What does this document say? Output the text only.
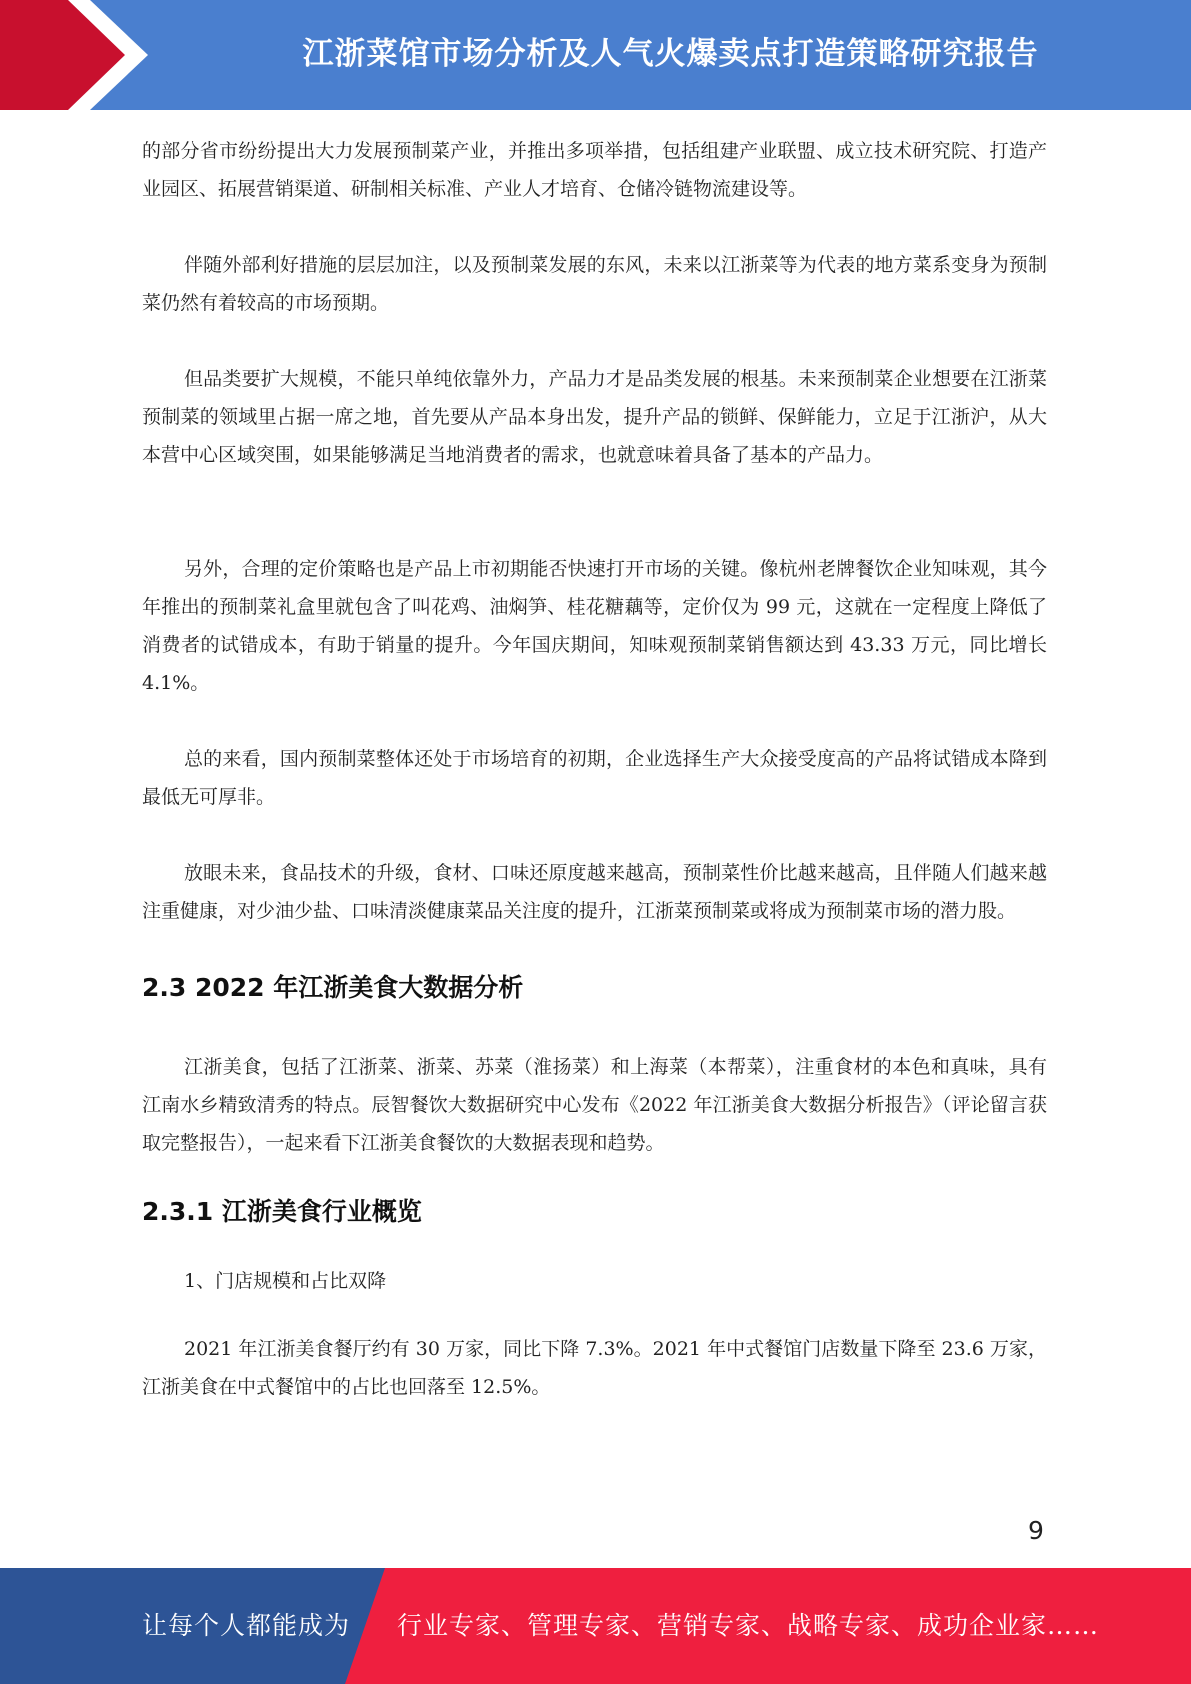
江浙菜馆市场分析及人气火爆卖点打造策略研究报告

的部分省市纷纷提出大力发展预制菜产业，并推出多项举措，包括组建产业联盟、成立技术研究院、打造产业园区、拓展营销渠道、研制相关标准、产业人才培育、仓储冷链物流建设等。

伴随外部利好措施的层层加注，以及预制菜发展的东风，未来以江浙菜等为代表的地方菜系变身为预制菜仍然有着较高的市场预期。

但品类要扩大规模，不能只单纯依靠外力，产品力才是品类发展的根基。未来预制菜企业想要在江浙菜预制菜的领域里占据一席之地，首先要从产品本身出发，提升产品的锁鲜、保鲜能力，立足于江浙沪，从大本营中心区域突围，如果能够满足当地消费者的需求，也就意味着具备了基本的产品力。

另外，合理的定价策略也是产品上市初期能否快速打开市场的关键。像杭州老牌餐饮企业知味观，其今年推出的预制菜礼盒里就包含了叫花鸡、油焖笋、桂花糖藕等，定价仅为 99 元，这就在一定程度上降低了消费者的试错成本，有助于销量的提升。今年国庆期间，知味观预制菜销售额达到 43.33 万元，同比增长 4.1%。

总的来看，国内预制菜整体还处于市场培育的初期，企业选择生产大众接受度高的产品将试错成本降到最低无可厚非。

放眼未来，食品技术的升级，食材、口味还原度越来越高，预制菜性价比越来越高，且伴随人们越来越注重健康，对少油少盐、口味清淡健康菜品关注度的提升，江浙菜预制菜或将成为预制菜市场的潜力股。

2.3 2022 年江浙美食大数据分析

江浙美食，包括了江浙菜、浙菜、苏菜（淮扬菜）和上海菜（本帮菜），注重食材的本色和真味，具有江南水乡精致清秀的特点。辰智餐饮大数据研究中心发布《2022 年江浙美食大数据分析报告》（评论留言获取完整报告），一起来看下江浙美食餐饮的大数据表现和趋势。

2.3.1 江浙美食行业概览

1、门店规模和占比双降

2021 年江浙美食餐厅约有 30 万家，同比下降 7.3%。2021 年中式餐馆门店数量下降至 23.6 万家，江浙美食在中式餐馆中的占比也回落至 12.5%。

9
让每个人都能成为 行业专家、管理专家、营销专家、战略专家、成功企业家……
